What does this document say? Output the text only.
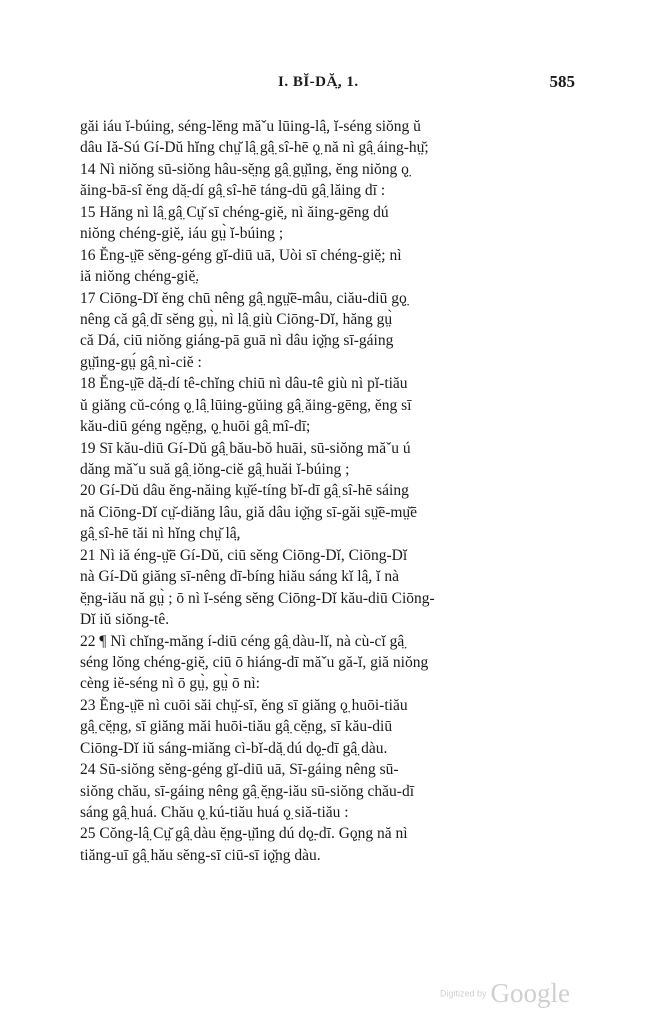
I. BĬ-DĂ̤, 1.	585
găi iáu ĭ-búing, séng-lĕng măˇu lūing-lâ̤, ĭ-séng siŏng ŭ
dâu Iă-Sú Gí-Dŭ hĭng chṳ̆ lâ̤ gâ̤ sî-hē ǫ̤ nă nì gâ̤ áing-hṳ̆;
14 Nì niŏng sū-siŏng hâu-sĕ̤ng gâ̤ gṳ̆ing, ĕng niŏng ǫ̤
ăing-bā-sî ĕng dă̤-dí gâ̤ sî-hē táng-dū gâ̤ lăing dī :
15 Hăng nì lâ̤ gâ̤ Cṳ̆ sī chéng-giĕ̤, nì ăing-gēng dú
niŏng chéng-giĕ̤, iáu gṳ̀ ĭ-búing ;
16 Ĕng-ṳ̆ē sĕng-géng gĭ-diū uā, Uòi sī chéng-giĕ̤; nì
iă niŏng chéng-giĕ̤.
17 Ciōng-Dĭ ĕng chū nêng gâ̤ ngṳ̆ē-mâu, ciău-diū gǫ̤
nêng că gâ̤ dī sĕng gṳ̀, nì lâ̤ giù Ciōng-Dĭ, hăng gṳ̀
că Dá, ciū niŏng giáng-pā guā nì dâu iǫ̤̆ng sī-gáing
gṳ̆ing-gṳ́ gâ̤ nì-ciĕ :
18 Ĕng-ṳ̆ē dă̤-dí tê-chĭng chiū nì dâu-tê giù nì pĭ-tiău
ŭ giăng cŭ-cóng ǫ̤ lâ̤ lūing-gŭing gâ̤ ăing-gēng, ĕng sī
kău-diū géng ngĕ̤ng, ǫ̤ huōi gâ̤ mî-dī;
19 Sī kău-diū Gí-Dŭ gâ̤ bău-bŏ huāi, sū-siŏng măˇu ú
dăng măˇu suă gâ̤ iŏng-ciĕ gâ̤ huăi ĭ-búing ;
20 Gí-Dŭ dâu ĕng-năing kṳ̆é-tíng bĭ-dī gâ̤ sî-hē sáing
nă Ciōng-Dĭ cṳ̆-diăng lâu, giă dâu iǫ̤̆ng sī-găi sṳ̆ē-mṳ̆ē
gâ̤ sî-hē tăi nì hĭng chṳ̆ lâ̤,
21 Nì iă éng-ṳ̆ē Gí-Dŭ, ciū sĕng Ciōng-Dĭ, Ciōng-Dĭ
nà Gí-Dŭ giăng sī-nêng dī-bíng hiău sáng kĭ lâ̤, ĭ nà
ĕ̤ng-iău nă gṳ̀ ; ō nì ĭ-séng sĕng Ciōng-Dĭ kău-diū Ciōng-
Dĭ iŭ siŏng-tê.
22 ¶ Nì chĭng-măng í-diū céng gâ̤ dàu-lĭ, nà cù-cĭ gâ̤
séng lŏng chéng-giĕ̤, ciū ō hiáng-dī măˇu gă-ĭ, giă niŏng
cèng iĕ-séng nì ō gṳ̀, gṳ̀ ō nì:
23 Ĕng-ṳ̆ē nì cuōi săi chṳ̆-sī, ĕng sī giăng ǫ̤ huōi-tiău
gâ̤ cĕ̤ng, sī giăng măi huōi-tiău gâ̤ cĕ̤ng, sī kău-diū
Ciōng-Dĭ iŭ sáng-miăng cì-bĭ-dă̤ dú dǫ̤-dī gâ̤ dàu.
24 Sū-siŏng sĕng-géng gĭ-diū uā, Sī-gáing nêng sū-
siŏng chău, sī-gáing nêng gâ̤ ĕ̤ng-iău sū-siŏng chău-dī
sáng gâ̤ huá. Chău ǫ̤ kú-tiău huá ǫ̤ siă-tiău :
25 Cŏng-lâ̤ Cṳ̆ gâ̤ dàu ĕ̤ng-ṳ̆ing dú dǫ̤-dī. Gǫ̤ng nă nì
tiăng-uī gâ̤ hău sĕng-sī ciū-sī iǫ̤̆ng dàu.
Digitized by Google
